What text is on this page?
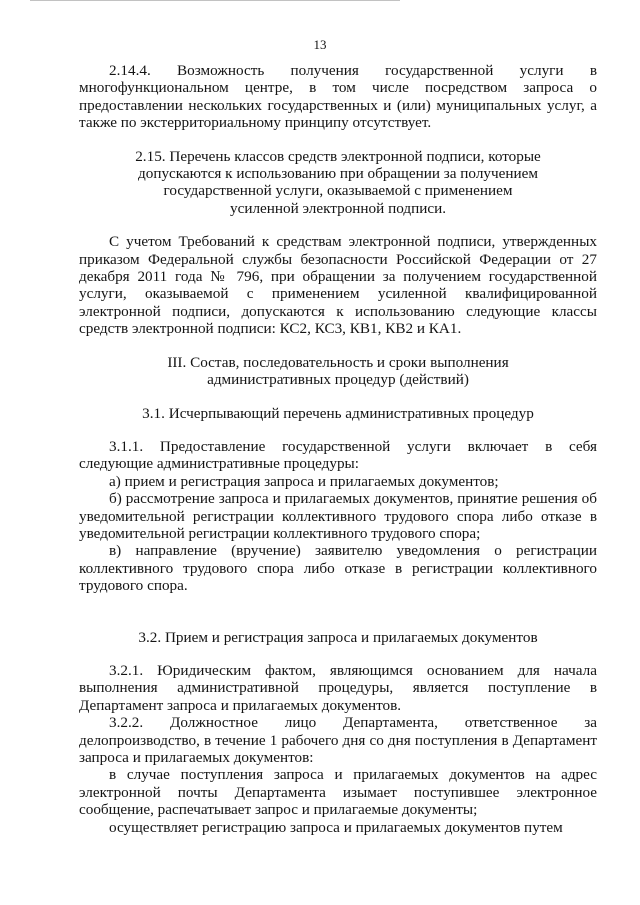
13

2.14.4. Возможность получения государственной услуги в многофункциональном центре, в том числе посредством запроса о предоставлении нескольких государственных и (или) муниципальных услуг, а также по экстерриториальному принципу отсутствует.

2.15. Перечень классов средств электронной подписи, которые
допускаются к использованию при обращении за получением
государственной услуги, оказываемой с применением
усиленной электронной подписи.

С учетом Требований к средствам электронной подписи, утвержденных приказом Федеральной службы безопасности Российской Федерации от 27 декабря 2011 года № 796, при обращении за получением государственной услуги, оказываемой с применением усиленной квалифицированной электронной подписи, допускаются к использованию следующие классы средств электронной подписи: КС2, КС3, КВ1, КВ2 и КА1.

III. Состав, последовательность и сроки выполнения
административных процедур (действий)
3.1. Исчерпывающий перечень административных процедур

3.1.1. Предоставление государственной услуги включает в себя следующие административные процедуры:

а) прием и регистрация запроса и прилагаемых документов;

б) рассмотрение запроса и прилагаемых документов, принятие решения об уведомительной регистрации коллективного трудового спора либо отказе в уведомительной регистрации коллективного трудового спора;

в) направление (вручение) заявителю уведомления о регистрации коллективного трудового спора либо отказе в регистрации коллективного трудового спора.

3.2. Прием и регистрация запроса и прилагаемых документов

3.2.1. Юридическим фактом, являющимся основанием для начала выполнения административной процедуры, является поступление в Департамент запроса и прилагаемых документов.

3.2.2. Должностное лицо Департамента, ответственное за делопроизводство, в течение 1 рабочего дня со дня поступления в Департамент запроса и прилагаемых документов:

в случае поступления запроса и прилагаемых документов на адрес электронной почты Департамента изымает поступившее электронное сообщение, распечатывает запрос и прилагаемые документы;

осуществляет регистрацию запроса и прилагаемых документов путем
